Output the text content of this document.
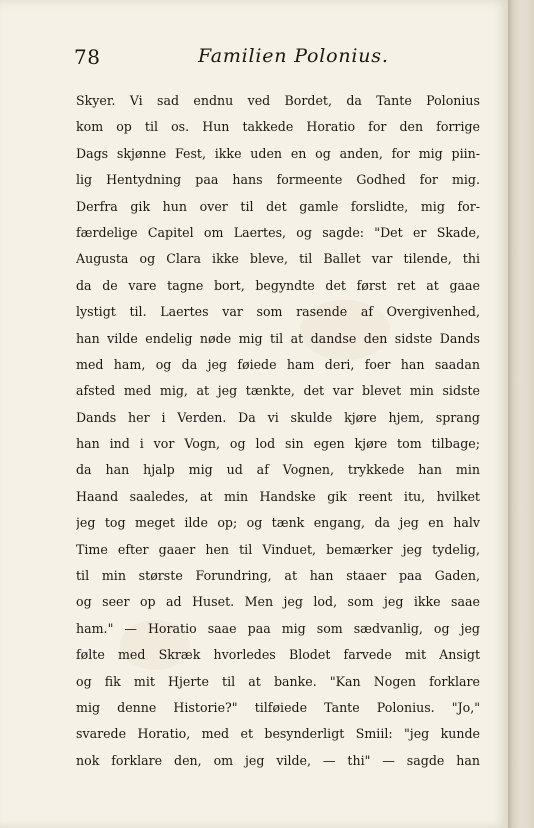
78	Familien Polonius.
Skyer. Vi sad endnu ved Bordet, da Tante Polonius
kom op til os. Hun takkede Horatio for den forrige
Dags skjønne Fest, ikke uden en og anden, for mig piin-
lig Hentydning paa hans formeente Godhed for mig.
Derfra gik hun over til det gamle forslidte, mig for-
færdelige Capitel om Laertes, og sagde: "Det er Skade,
Augusta og Clara ikke bleve, til Ballet var tilende, thi
da de vare tagne bort, begyndte det først ret at gaae
lystigt til. Laertes var som rasende af Overgivenhed,
han vilde endelig nøde mig til at dandse den sidste Dands
med ham, og da jeg føiede ham deri, foer han saadan
afsted med mig, at jeg tænkte, det var blevet min sidste
Dands her i Verden. Da vi skulde kjøre hjem, sprang
han ind i vor Vogn, og lod sin egen kjøre tom tilbage;
da han hjalp mig ud af Vognen, trykkede han min
Haand saaledes, at min Handske gik reent itu, hvilket
jeg tog meget ilde op; og tænk engang, da jeg en halv
Time efter gaaer hen til Vinduet, bemærker jeg tydelig,
til min største Forundring, at han staaer paa Gaden,
og seer op ad Huset. Men jeg lod, som jeg ikke saae
ham." — Horatio saae paa mig som sædvanlig, og jeg
følte med Skræk hvorledes Blodet farvede mit Ansigt
og fik mit Hjerte til at banke. "Kan Nogen forklare
mig denne Historie?" tilføiede Tante Polonius. "Jo,"
svarede Horatio, med et besynderligt Smiil: "jeg kunde
nok forklare den, om jeg vilde, — thi" — sagde han
